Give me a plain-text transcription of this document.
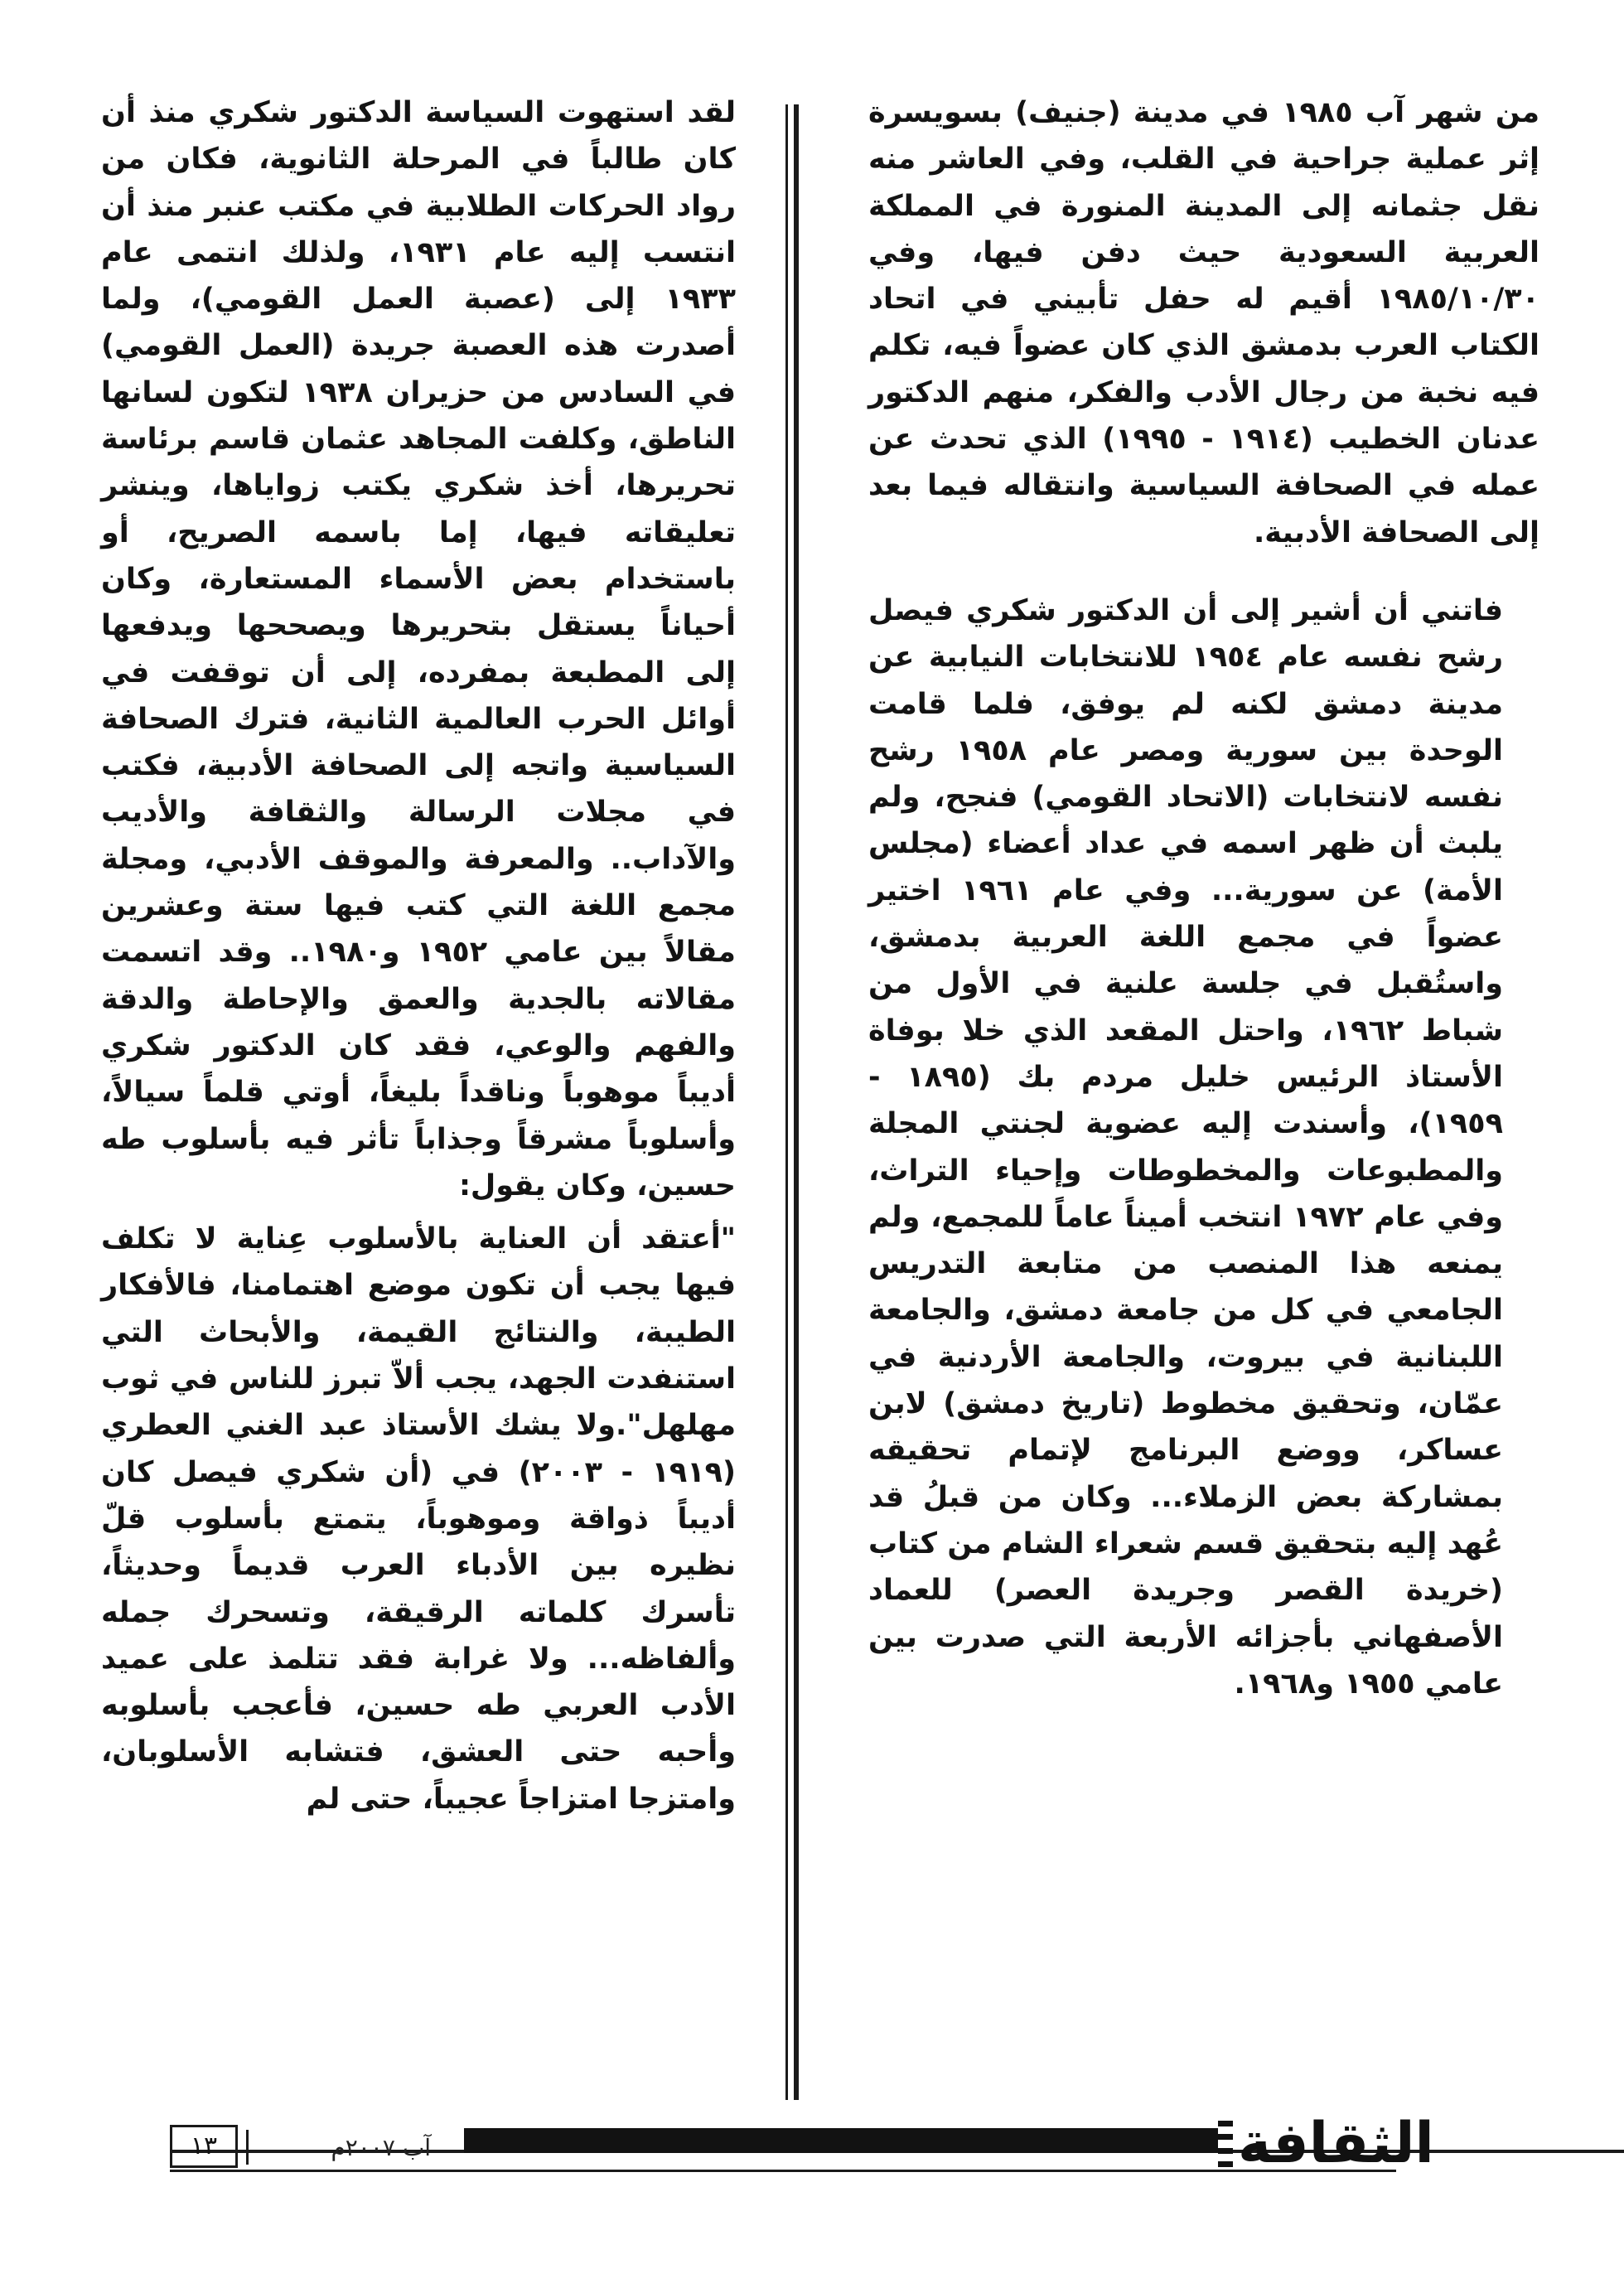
من شهر آب ١٩٨٥ في مدينة (جنيف) بسويسرة إثر عملية جراحية في القلب، وفي العاشر منه نقل جثمانه إلى المدينة المنورة في المملكة العربية السعودية حيث دفن فيها، وفي ١٩٨٥/١٠/٣٠ أقيم له حفل تأبيني في اتحاد الكتاب العرب بدمشق الذي كان عضواً فيه، تكلم فيه نخبة من رجال الأدب والفكر، منهم الدكتور عدنان الخطيب (١٩١٤ - ١٩٩٥) الذي تحدث عن عمله في الصحافة السياسية وانتقاله فيما بعد إلى الصحافة الأدبية.

فاتني أن أشير إلى أن الدكتور شكري فيصل رشح نفسه عام ١٩٥٤ للانتخابات النيابية عن مدينة دمشق لكنه لم يوفق، فلما قامت الوحدة بين سورية ومصر عام ١٩٥٨ رشح نفسه لانتخابات (الاتحاد القومي) فنجح، ولم يلبث أن ظهر اسمه في عداد أعضاء (مجلس الأمة) عن سورية... وفي عام ١٩٦١ اختير عضواً في مجمع اللغة العربية بدمشق، واستُقبل في جلسة علنية في الأول من شباط ١٩٦٢، واحتل المقعد الذي خلا بوفاة الأستاذ الرئيس خليل مردم بك (١٨٩٥ - ١٩٥٩)، وأسندت إليه عضوية لجنتي المجلة والمطبوعات والمخطوطات وإحياء التراث، وفي عام ١٩٧٢ انتخب أميناً عاماً للمجمع، ولم يمنعه هذا المنصب من متابعة التدريس الجامعي في كل من جامعة دمشق، والجامعة اللبنانية في بيروت، والجامعة الأردنية في عمّان، وتحقيق مخطوط (تاريخ دمشق) لابن عساكر، ووضع البرنامج لإتمام تحقيقه بمشاركة بعض الزملاء... وكان من قبلُ قد عُهد إليه بتحقيق قسم شعراء الشام من كتاب (خريدة القصر وجريدة العصر) للعماد الأصفهاني بأجزائه الأربعة التي صدرت بين عامي ١٩٥٥ و١٩٦٨.

لقد استهوت السياسة الدكتور شكري منذ أن كان طالباً في المرحلة الثانوية، فكان من رواد الحركات الطلابية في مكتب عنبر منذ أن انتسب إليه عام ١٩٣١، ولذلك انتمى عام ١٩٣٣ إلى (عصبة العمل القومي)، ولما أصدرت هذه العصبة جريدة (العمل القومي) في السادس من حزيران ١٩٣٨ لتكون لسانها الناطق، وكلفت المجاهد عثمان قاسم برئاسة تحريرها، أخذ شكري يكتب زواياها، وينشر تعليقاته فيها، إما باسمه الصريح، أو باستخدام بعض الأسماء المستعارة، وكان أحياناً يستقل بتحريرها ويصححها ويدفعها إلى المطبعة بمفرده، إلى أن توقفت في أوائل الحرب العالمية الثانية، فترك الصحافة السياسية واتجه إلى الصحافة الأدبية، فكتب في مجلات الرسالة والثقافة والأديب والآداب.. والمعرفة والموقف الأدبي، ومجلة مجمع اللغة التي كتب فيها ستة وعشرين مقالاً بين عامي ١٩٥٢ و١٩٨٠.. وقد اتسمت مقالاته بالجدية والعمق والإحاطة والدقة والفهم والوعي، فقد كان الدكتور شكري أديباً موهوباً وناقداً بليغاً، أوتي قلماً سيالاً، وأسلوباً مشرقاً وجذاباً تأثر فيه بأسلوب طه حسين، وكان يقول:

"أعتقد أن العناية بالأسلوب عِناية لا تكلف فيها يجب أن تكون موضع اهتمامنا، فالأفكار الطيبة، والنتائج القيمة، والأبحاث التي استنفدت الجهد، يجب ألاّ تبرز للناس في ثوب مهلهل".ولا يشك الأستاذ عبد الغني العطري (١٩١٩ - ٢٠٠٣) في (أن شكري فيصل كان أديباً ذواقة وموهوباً، يتمتع بأسلوب قلّ نظيره بين الأدباء العرب قديماً وحديثاً، تأسرك كلماته الرقيقة، وتسحرك جمله وألفاظه... ولا غرابة فقد تتلمذ على عميد الأدب العربي طه حسين، فأعجب بأسلوبه وأحبه حتى العشق، فتشابه الأسلوبان، وامتزجا امتزاجاً عجيباً، حتى لم

الثقافة
آب ٢٠٠٧م
١٣
